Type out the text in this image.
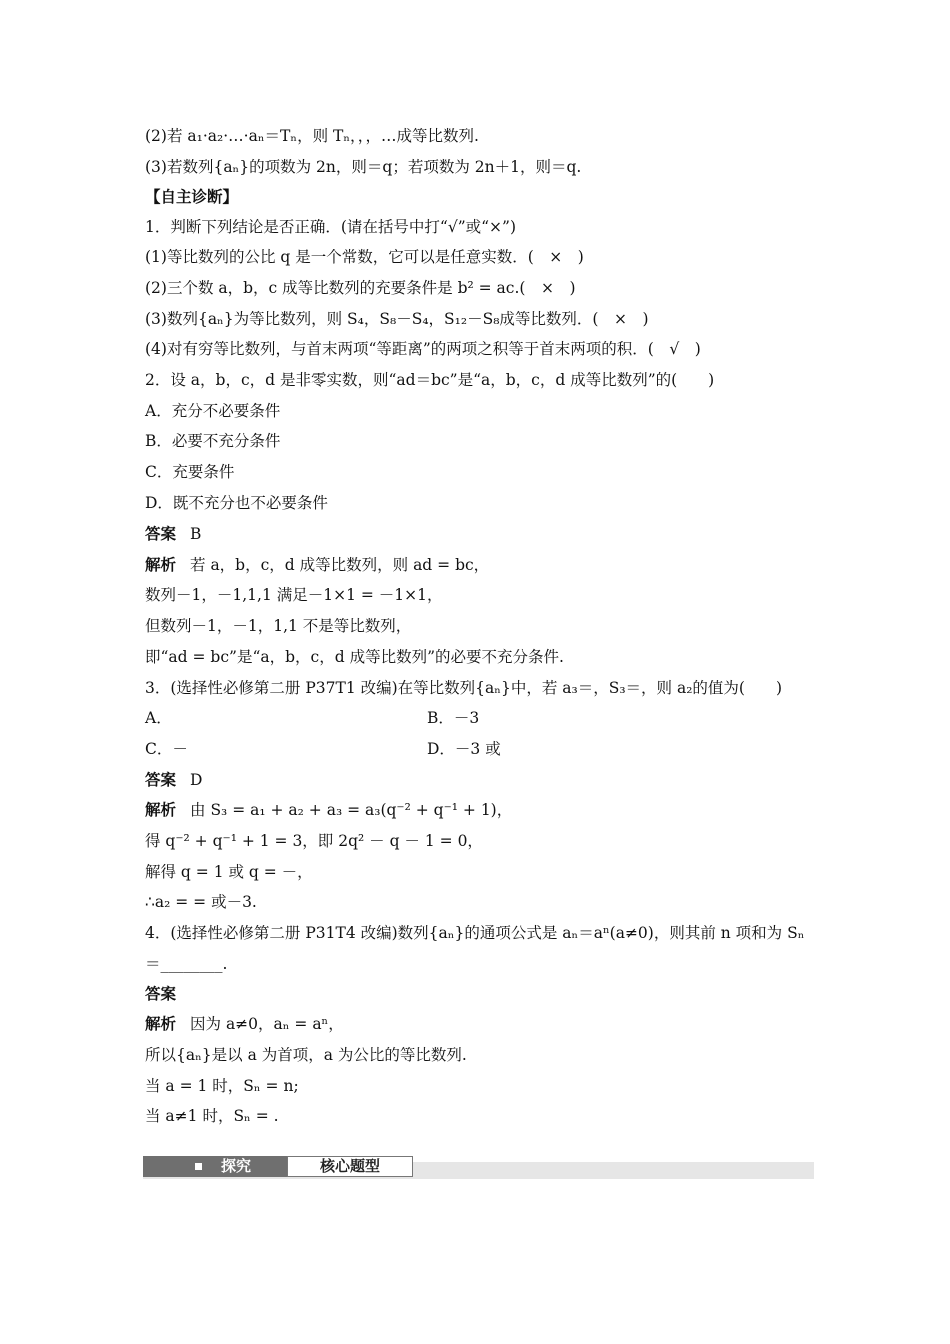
(2)若 a₁·a₂·…·aₙ＝Tₙ，则 Tₙ，，，…成等比数列.
(3)若数列{aₙ}的项数为 2n，则＝q；若项数为 2n＋1，则＝q.
【自主诊断】
1．判断下列结论是否正确．(请在括号中打“√”或“×”)
(1)等比数列的公比 q 是一个常数，它可以是任意实数．(　×　)
(2)三个数 a，b，c 成等比数列的充要条件是 b² = ac.(　×　)
(3)数列{aₙ}为等比数列，则 S₄，S₈－S₄，S₁₂－S₈成等比数列．(　×　)
(4)对有穷等比数列，与首末两项“等距离”的两项之积等于首末两项的积．(　√　)
2．设 a，b，c，d 是非零实数，则“ad＝bc”是“a，b，c，d 成等比数列”的(　　)
A．充分不必要条件
B．必要不充分条件
C．充要条件
D．既不充分也不必要条件
答案 B
解析 若 a，b，c，d 成等比数列，则 ad = bc，
数列－1，－1,1,1 满足－1×1 = －1×1，
但数列－1，－1，1,1 不是等比数列，
即“ad = bc”是“a，b，c，d 成等比数列”的必要不充分条件.
3．(选择性必修第二册 P37T1 改编)在等比数列{aₙ}中，若 a₃＝，S₃＝，则 a₂的值为(　　)
A．	B．－3
C．－	D．－3 或
答案 D
解析 由 S₃ = a₁ + a₂ + a₃ = a₃(q⁻² + q⁻¹ + 1)，
得 q⁻² + q⁻¹ + 1 = 3，即 2q² － q － 1 = 0，
解得 q = 1 或 q = －，
∴a₂ = = 或－3.
4．(选择性必修第二册 P31T4 改编)数列{aₙ}的通项公式是 aₙ＝aⁿ(a≠0)，则其前 n 项和为 Sₙ
＝________.
答案
解析 因为 a≠0，aₙ = aⁿ，
所以{aₙ}是以 a 为首项，a 为公比的等比数列.
当 a = 1 时，Sₙ = n;
当 a≠1 时，Sₙ = .
探究	核心题型
